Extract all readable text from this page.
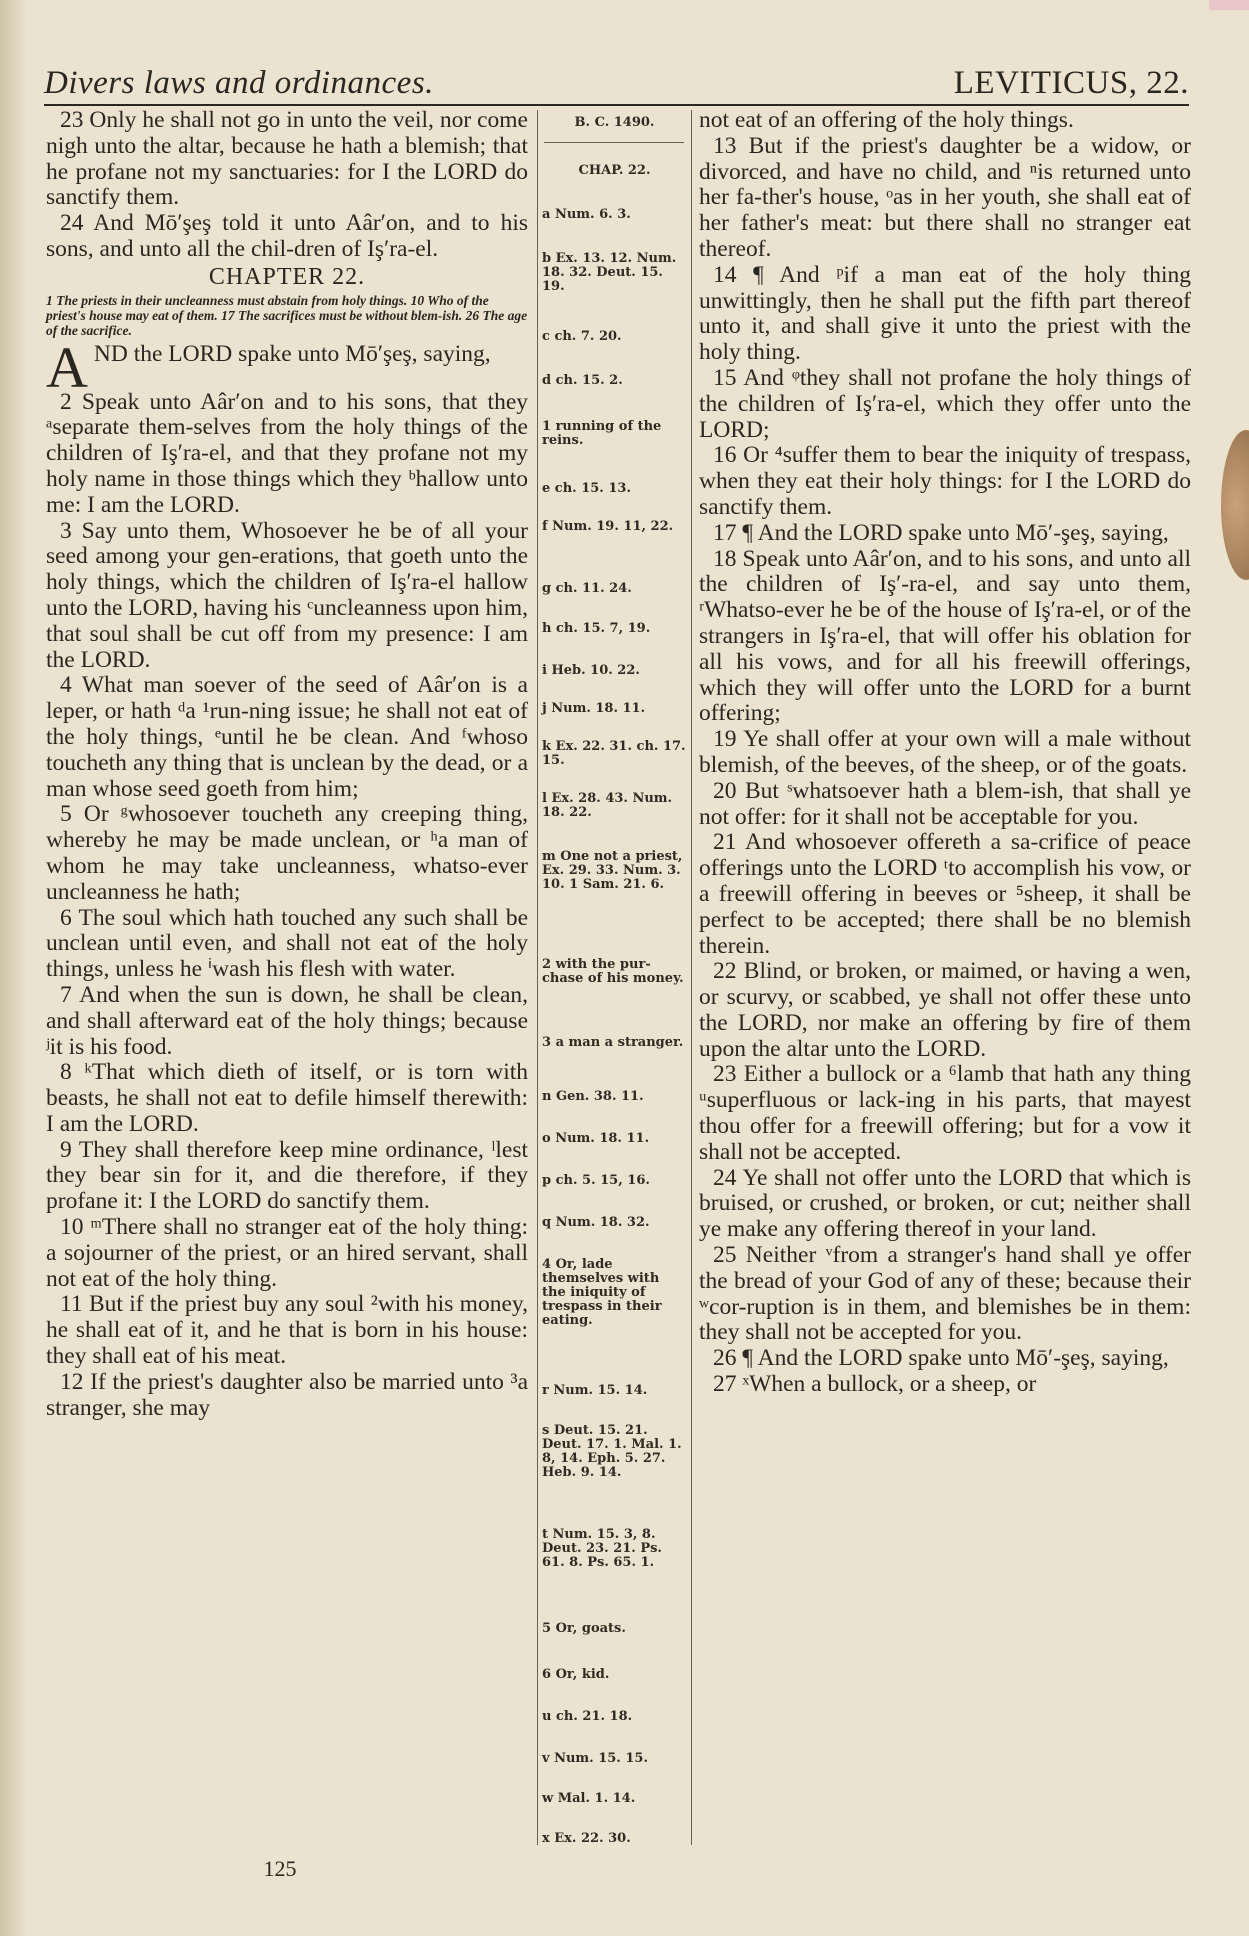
Divers laws and ordinances.	LEVITICUS, 22.

23 Only he shall not go in unto the veil, nor come nigh unto the altar, because he hath a blemish; that he profane not my sanctuaries: for I the LORD do sanctify them.

24 And Mō′şeş told it unto Aâr′on, and to his sons, and unto all the chil-dren of Iş′ra-el.

CHAPTER 22.

1 The priests in their uncleanness must abstain from holy things. 10 Who of the priest's house may eat of them. 17 The sacrifices must be without blem-ish. 26 The age of the sacrifice.

AND the LORD spake unto Mō′şeş, saying,

2 Speak unto Aâr′on and to his sons, that they ᵃseparate them-selves from the holy things of the children of Iş′ra-el, and that they profane not my holy name in those things which they ᵇhallow unto me: I am the LORD.

3 Say unto them, Whosoever he be of all your seed among your gen-erations, that goeth unto the holy things, which the children of Iş′ra-el hallow unto the LORD, having his ᶜuncleanness upon him, that soul shall be cut off from my presence: I am the LORD.

4 What man soever of the seed of Aâr′on is a leper, or hath ᵈa ¹run-ning issue; he shall not eat of the holy things, ᵉuntil he be clean. And ᶠwhoso toucheth any thing that is unclean by the dead, or a man whose seed goeth from him;

5 Or ᵍwhosoever toucheth any creeping thing, whereby he may be made unclean, or ʰa man of whom he may take uncleanness, whatso-ever uncleanness he hath;

6 The soul which hath touched any such shall be unclean until even, and shall not eat of the holy things, unless he ⁱwash his flesh with water.

7 And when the sun is down, he shall be clean, and shall afterward eat of the holy things; because ʲit is his food.

8 ᵏThat which dieth of itself, or is torn with beasts, he shall not eat to defile himself therewith: I am the LORD.

9 They shall therefore keep mine ordinance, ˡlest they bear sin for it, and die therefore, if they profane it: I the LORD do sanctify them.

10 ᵐThere shall no stranger eat of the holy thing: a sojourner of the priest, or an hired servant, shall not eat of the holy thing.

11 But if the priest buy any soul ²with his money, he shall eat of it, and he that is born in his house: they shall eat of his meat.

12 If the priest's daughter also be married unto ³a stranger, she may

B. C. 1490.
CHAP. 22.
a Num. 6. 3.
b Ex. 13. 12. Num. 18. 32. Deut. 15. 19.
c ch. 7. 20.
d ch. 15. 2.
1 running of the reins.
e ch. 15. 13.
f Num. 19. 11, 22.
g ch. 11. 24.
h ch. 15. 7, 19.
i Heb. 10. 22.
j Num. 18. 11.
k Ex. 22. 31. ch. 17. 15.
l Ex. 28. 43. Num. 18. 22.
m One not a priest, Ex. 29. 33. Num. 3. 10. 1 Sam. 21. 6.
2 with the pur-chase of his money.
3 a man a stranger.
n Gen. 38. 11.
o Num. 18. 11.
p ch. 5. 15, 16.
q Num. 18. 32.
4 Or, lade themselves with the iniquity of trespass in their eating.
r Num. 15. 14.
s Deut. 15. 21. Deut. 17. 1. Mal. 1. 8, 14. Eph. 5. 27. Heb. 9. 14.
t Num. 15. 3, 8. Deut. 23. 21. Ps. 61. 8. Ps. 65. 1.
5 Or, goats.
6 Or, kid.
u ch. 21. 18.
v Num. 15. 15.
w Mal. 1. 14.
x Ex. 22. 30.

not eat of an offering of the holy things.

13 But if the priest's daughter be a widow, or divorced, and have no child, and ⁿis returned unto her fa-ther's house, ᵒas in her youth, she shall eat of her father's meat: but there shall no stranger eat thereof.

14 ¶ And ᵖif a man eat of the holy thing unwittingly, then he shall put the fifth part thereof unto it, and shall give it unto the priest with the holy thing.

15 And ᵠthey shall not profane the holy things of the children of Iş′ra-el, which they offer unto the LORD;

16 Or ⁴suffer them to bear the iniquity of trespass, when they eat their holy things: for I the LORD do sanctify them.

17 ¶ And the LORD spake unto Mō′-şeş, saying,

18 Speak unto Aâr′on, and to his sons, and unto all the children of Iş′-ra-el, and say unto them, ʳWhatso-ever he be of the house of Iş′ra-el, or of the strangers in Iş′ra-el, that will offer his oblation for all his vows, and for all his freewill offerings, which they will offer unto the LORD for a burnt offering;

19 Ye shall offer at your own will a male without blemish, of the beeves, of the sheep, or of the goats.

20 But ˢwhatsoever hath a blem-ish, that shall ye not offer: for it shall not be acceptable for you.

21 And whosoever offereth a sa-crifice of peace offerings unto the LORD ᵗto accomplish his vow, or a freewill offering in beeves or ⁵sheep, it shall be perfect to be accepted; there shall be no blemish therein.

22 Blind, or broken, or maimed, or having a wen, or scurvy, or scabbed, ye shall not offer these unto the LORD, nor make an offering by fire of them upon the altar unto the LORD.

23 Either a bullock or a ⁶lamb that hath any thing ᵘsuperfluous or lack-ing in his parts, that mayest thou offer for a freewill offering; but for a vow it shall not be accepted.

24 Ye shall not offer unto the LORD that which is bruised, or crushed, or broken, or cut; neither shall ye make any offering thereof in your land.

25 Neither ᵛfrom a stranger's hand shall ye offer the bread of your God of any of these; because their ʷcor-ruption is in them, and blemishes be in them: they shall not be accepted for you.

26 ¶ And the LORD spake unto Mō′-şeş, saying,

27 ˣWhen a bullock, or a sheep, or

125
